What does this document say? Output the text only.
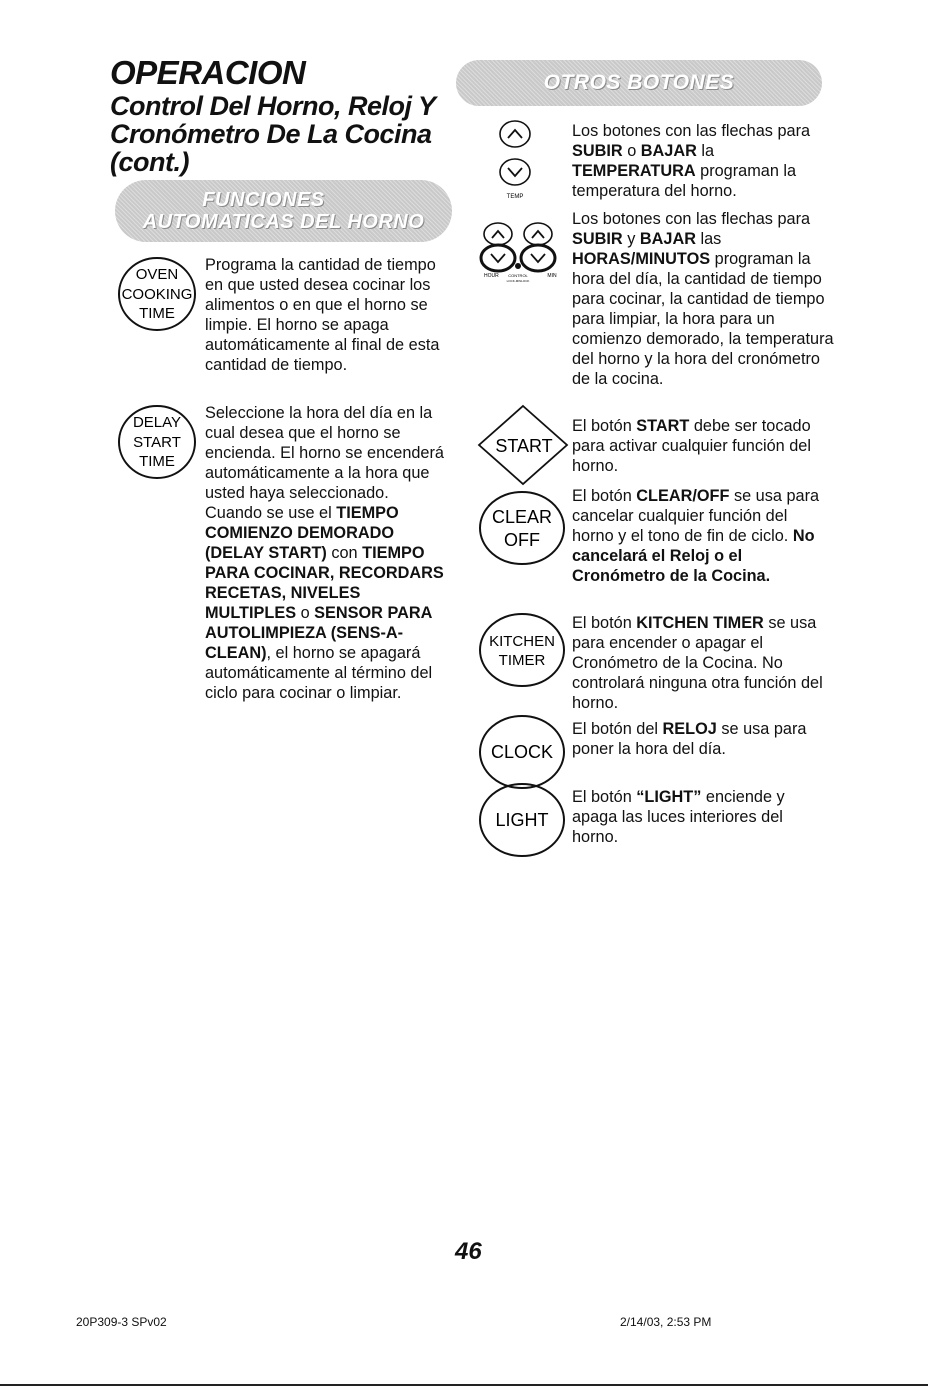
OPERACION
Control Del Horno, Reloj Y
Cronómetro De La Cocina
(cont.)
FUNCIONES
AUTOMATICAS DEL HORNO
OVEN
COOKING
TIME

Programa la cantidad de tiempo en que usted desea cocinar los alimentos o en que el horno se limpie. El horno se apaga automáticamente al final de esta cantidad de tiempo.

DELAY
START
TIME

Seleccione la hora del día en la cual desea que el horno se encienda. El horno se encenderá automáticamente a la hora que usted haya seleccionado. Cuando se use el TIEMPO COMIENZO DEMORADO (DELAY START) con TIEMPO PARA COCINAR, RECORDARS RECETAS, NIVELES MULTIPLES o SENSOR PARA AUTOLIMPIEZA (SENS-A-CLEAN), el horno se apagará automáticamente al término del ciclo para cocinar o limpiar.

OTROS BOTONES
TEMP

Los botones con las flechas para SUBIR o BAJAR la TEMPERATURA programan la temperatura del horno.

HOUR CONTROL
LOCK-MINLOCK
MIN

Los botones con las flechas para SUBIR y BAJAR las HORAS/MINUTOS programan la hora del día, la cantidad de tiempo para cocinar, la cantidad de tiempo para limpiar, la hora para un comienzo demorado, la temperatura del horno y la hora del cronómetro de la cocina.

START

El botón START debe ser tocado para activar cualquier función del horno.

CLEAR
OFF

El botón CLEAR/OFF se usa para cancelar cualquier función del horno y el tono de fin de ciclo. No cancelará el Reloj o el Cronómetro de la Cocina.

KITCHEN
TIMER

El botón KITCHEN TIMER se usa para encender o apagar el Cronómetro de la Cocina. No controlará ninguna otra función del horno.

CLOCK

El botón del RELOJ se usa para poner la hora del día.

LIGHT

El botón “LIGHT” enciende y apaga las luces interiores del horno.

46
20P309-3 SPv02	2/14/03, 2:53 PM
